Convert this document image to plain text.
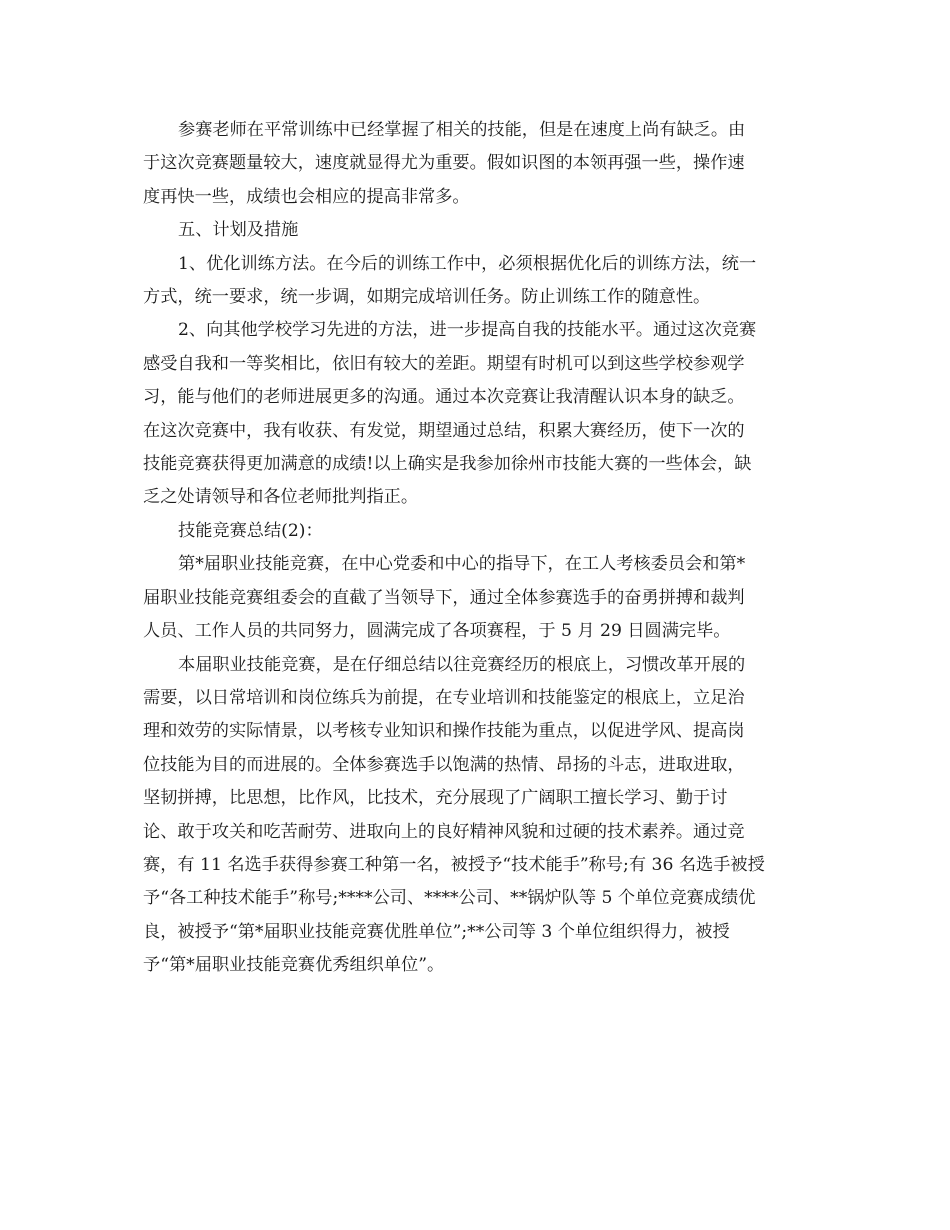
参赛老师在平常训练中已经掌握了相关的技能，但是在速度上尚有缺乏。由
于这次竞赛题量较大，速度就显得尤为重要。假如识图的本领再强一些，操作速
度再快一些，成绩也会相应的提高非常多。

五、计划及措施

1、优化训练方法。在今后的训练工作中，必须根据优化后的训练方法，统一
方式，统一要求，统一步调，如期完成培训任务。防止训练工作的随意性。

2、向其他学校学习先进的方法，进一步提高自我的技能水平。通过这次竞赛
感受自我和一等奖相比，依旧有较大的差距。期望有时机可以到这些学校参观学
习，能与他们的老师进展更多的沟通。通过本次竞赛让我清醒认识本身的缺乏。
在这次竞赛中，我有收获、有发觉，期望通过总结，积累大赛经历，使下一次的
技能竞赛获得更加满意的成绩!以上确实是我参加徐州市技能大赛的一些体会，缺
乏之处请领导和各位老师批判指正。

技能竞赛总结(2)：

第*届职业技能竞赛，在中心党委和中心的指导下，在工人考核委员会和第*
届职业技能竞赛组委会的直截了当领导下，通过全体参赛选手的奋勇拼搏和裁判
人员、工作人员的共同努力，圆满完成了各项赛程，于 5 月 29 日圆满完毕。

本届职业技能竞赛，是在仔细总结以往竞赛经历的根底上，习惯改革开展的
需要，以日常培训和岗位练兵为前提，在专业培训和技能鉴定的根底上，立足治
理和效劳的实际情景，以考核专业知识和操作技能为重点，以促进学风、提高岗
位技能为目的而进展的。全体参赛选手以饱满的热情、昂扬的斗志，进取进取，
坚韧拼搏，比思想，比作风，比技术，充分展现了广阔职工擅长学习、勤于讨
论、敢于攻关和吃苦耐劳、进取向上的良好精神风貌和过硬的技术素养。通过竞
赛，有 11 名选手获得参赛工种第一名，被授予“技术能手”称号;有 36 名选手被授
予“各工种技术能手”称号;****公司、****公司、**锅炉队等 5 个单位竞赛成绩优
良，被授予“第*届职业技能竞赛优胜单位”;**公司等 3 个单位组织得力，被授
予“第*届职业技能竞赛优秀组织单位”。
